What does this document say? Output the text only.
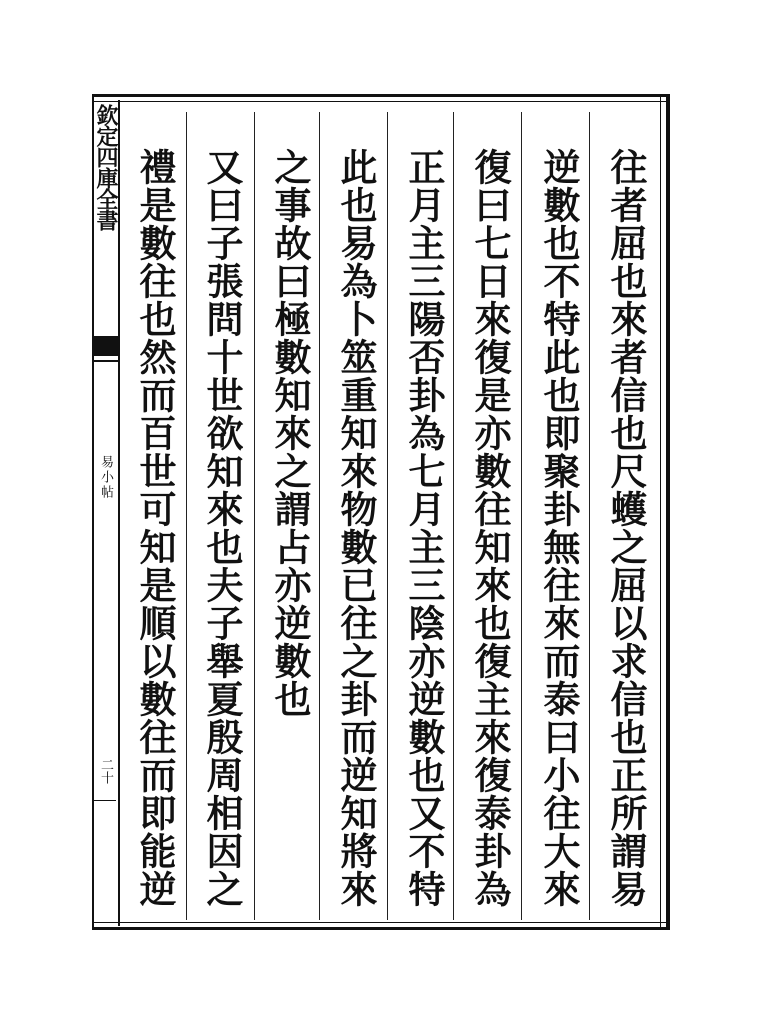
欽定四庫全書
易小帖
二十	往者屈也來者信也尺蠖之屈以求信也正所謂易
逆數也不特此也即聚卦無往來而泰曰小往大來
復曰七日來復是亦數往知來也復主來復泰卦為
正月主三陽否卦為七月主三陰亦逆數也又不特
此也易為卜筮重知來物數已往之卦而逆知將來
之事故曰極數知來之謂占亦逆數也
又曰子張問十世欲知來也夫子舉夏殷周相因之
禮是數往也然而百世可知是順以數往而即能逆
